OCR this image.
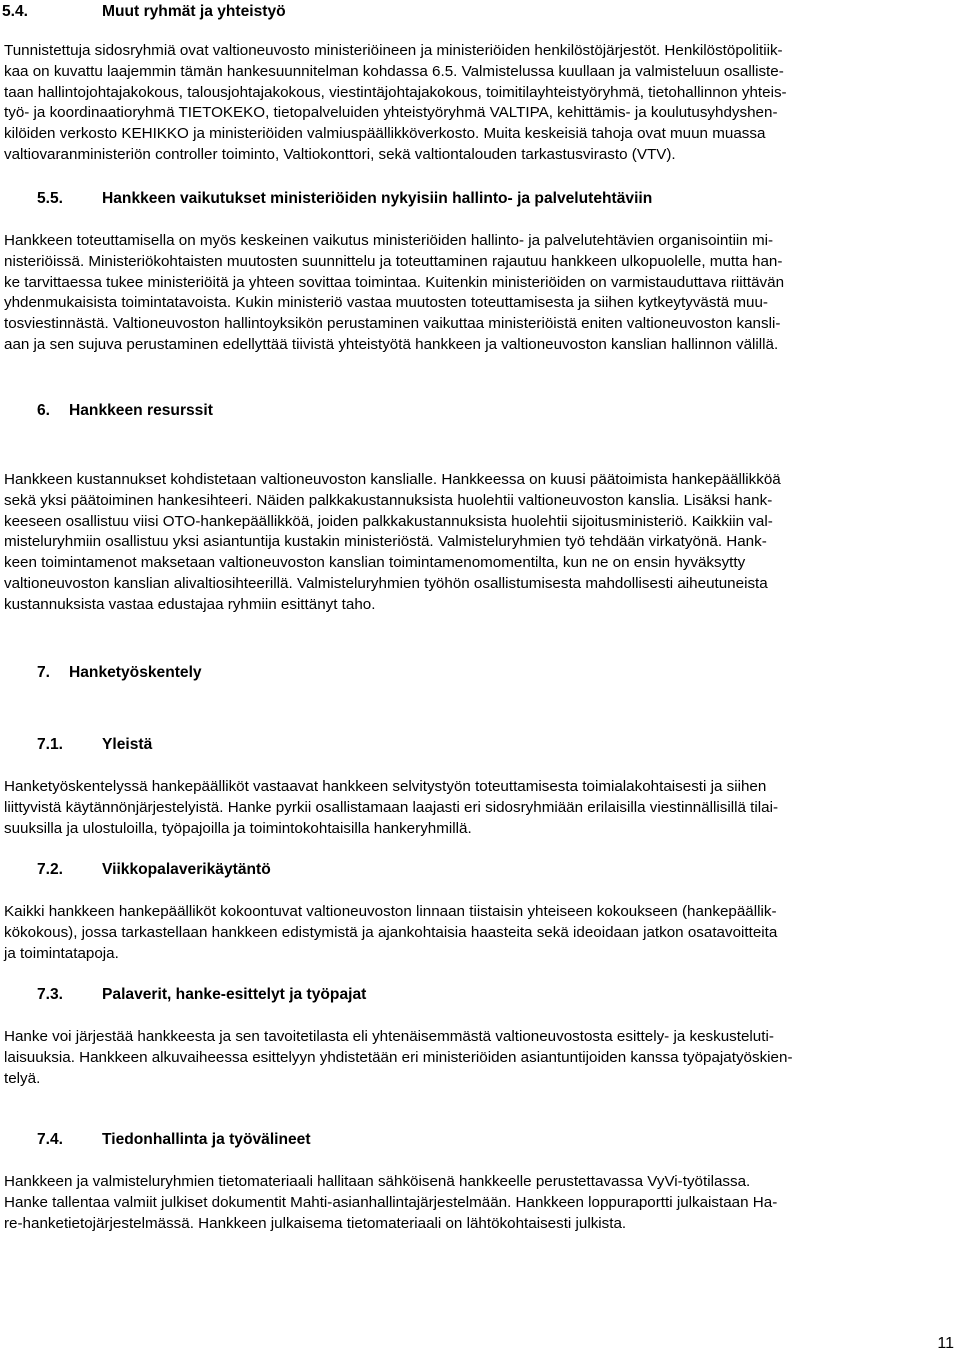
5.4.	Muut ryhmät ja yhteistyö
Tunnistettuja sidosryhmiä ovat valtioneuvosto ministeriöineen ja ministeriöiden henkilöstöjärjestöt. Henkilöstöpolitiik-
kaa on kuvattu laajemmin tämän hankesuunnitelman kohdassa 6.5. Valmistelussa kuullaan ja valmisteluun osalliste-
taan hallintojohtajakokous, talousjohtajakokous, viestintäjohtajakokous, toimitilayhteistyöryhmä, tietohallinnon yhteis-
työ- ja koordinaatioryhmä TIETOKEKO, tietopalveluiden yhteistyöryhmä VALTIPA, kehittämis- ja koulutusyhdyshen-
kilöiden verkosto KEHIKKO ja ministeriöiden valmiuspäällikköverkosto. Muita keskeisiä tahoja ovat muun muassa
valtiovaranministeriön controller toiminto, Valtiokonttori, sekä valtiontalouden tarkastusvirasto (VTV).
5.5. Hankkeen vaikutukset ministeriöiden nykyisiin hallinto- ja palvelutehtäviin
Hankkeen toteuttamisella on myös keskeinen vaikutus ministeriöiden hallinto- ja palvelutehtävien organisointiin mi-
nisteriöissä. Ministeriökohtaisten muutosten suunnittelu ja toteuttaminen rajautuu hankkeen ulkopuolelle, mutta han-
ke tarvittaessa tukee ministeriöitä ja yhteen sovittaa toimintaa. Kuitenkin ministeriöiden on varmistauduttava riittävän
yhdenmukaisista toimintatavoista. Kukin ministeriö vastaa muutosten toteuttamisesta ja siihen kytkeytyvästä muu-
tosviestinnästä. Valtioneuvoston hallintoyksikön perustaminen vaikuttaa ministeriöistä eniten valtioneuvoston kansli-
aan ja sen sujuva perustaminen edellyttää tiivistä yhteistyötä hankkeen ja valtioneuvoston kanslian hallinnon välillä.
6. Hankkeen resurssit
Hankkeen kustannukset kohdistetaan valtioneuvoston kanslialle. Hankkeessa on kuusi päätoimista hankepäällikköä
sekä yksi päätoiminen hankesihteeri. Näiden palkkakustannuksista huolehtii valtioneuvoston kanslia. Lisäksi hank-
keeseen osallistuu viisi OTO-hankepäällikköä, joiden palkkakustannuksista huolehtii sijoitusministeriö. Kaikkiin val-
misteluryhmiin osallistuu yksi asiantuntija kustakin ministeriöstä. Valmisteluryhmien työ tehdään virkatyönä. Hank-
keen toimintamenot maksetaan valtioneuvoston kanslian toimintamenomomentilta, kun ne on ensin hyväksytty
valtioneuvoston kanslian alivaltiosihteerillä. Valmisteluryhmien työhön osallistumisesta mahdollisesti aiheutuneista
kustannuksista vastaa edustajaa ryhmiin esittänyt taho.
7. Hanketyöskentely
7.1. Yleistä
Hanketyöskentelyssä hankepäälliköt vastaavat hankkeen selvitystyön toteuttamisesta toimialakohtaisesti ja siihen
liittyvistä käytännönjärjestelyistä. Hanke pyrkii osallistamaan laajasti eri sidosryhmiään erilaisilla viestinnällisillä tilai-
suuksilla ja ulostuloilla, työpajoilla ja toimintokohtaisilla hankeryhmillä.
7.2. Viikkopalaverikäytäntö
Kaikki hankkeen hankepäälliköt kokoontuvat valtioneuvoston linnaan tiistaisin yhteiseen kokoukseen (hankepäällik-
kökokous), jossa tarkastellaan hankkeen edistymistä ja ajankohtaisia haasteita sekä ideoidaan jatkon osatavoitteita
ja toimintatapoja.
7.3. Palaverit, hanke-esittelyt ja työpajat
Hanke voi järjestää hankkeesta ja sen tavoitetilasta eli yhtenäisemmästä valtioneuvostosta esittely- ja keskusteluti-
laisuuksia. Hankkeen alkuvaiheessa esittelyyn yhdistetään eri ministeriöiden asiantuntijoiden kanssa työpajatyöskien-
telyä.
7.4. Tiedonhallinta ja työvälineet
Hankkeen ja valmisteluryhmien tietomateriaali hallitaan sähköisenä hankkeelle perustettavassa VyVi-työtilassa.
Hanke tallentaa valmiit julkiset dokumentit Mahti-asianhallintajärjestelmään. Hankkeen loppuraportti julkaistaan Ha-
re-hanketietojärjestelmässä. Hankkeen julkaisema tietomateriaali on lähtökohtaisesti julkista.
11
